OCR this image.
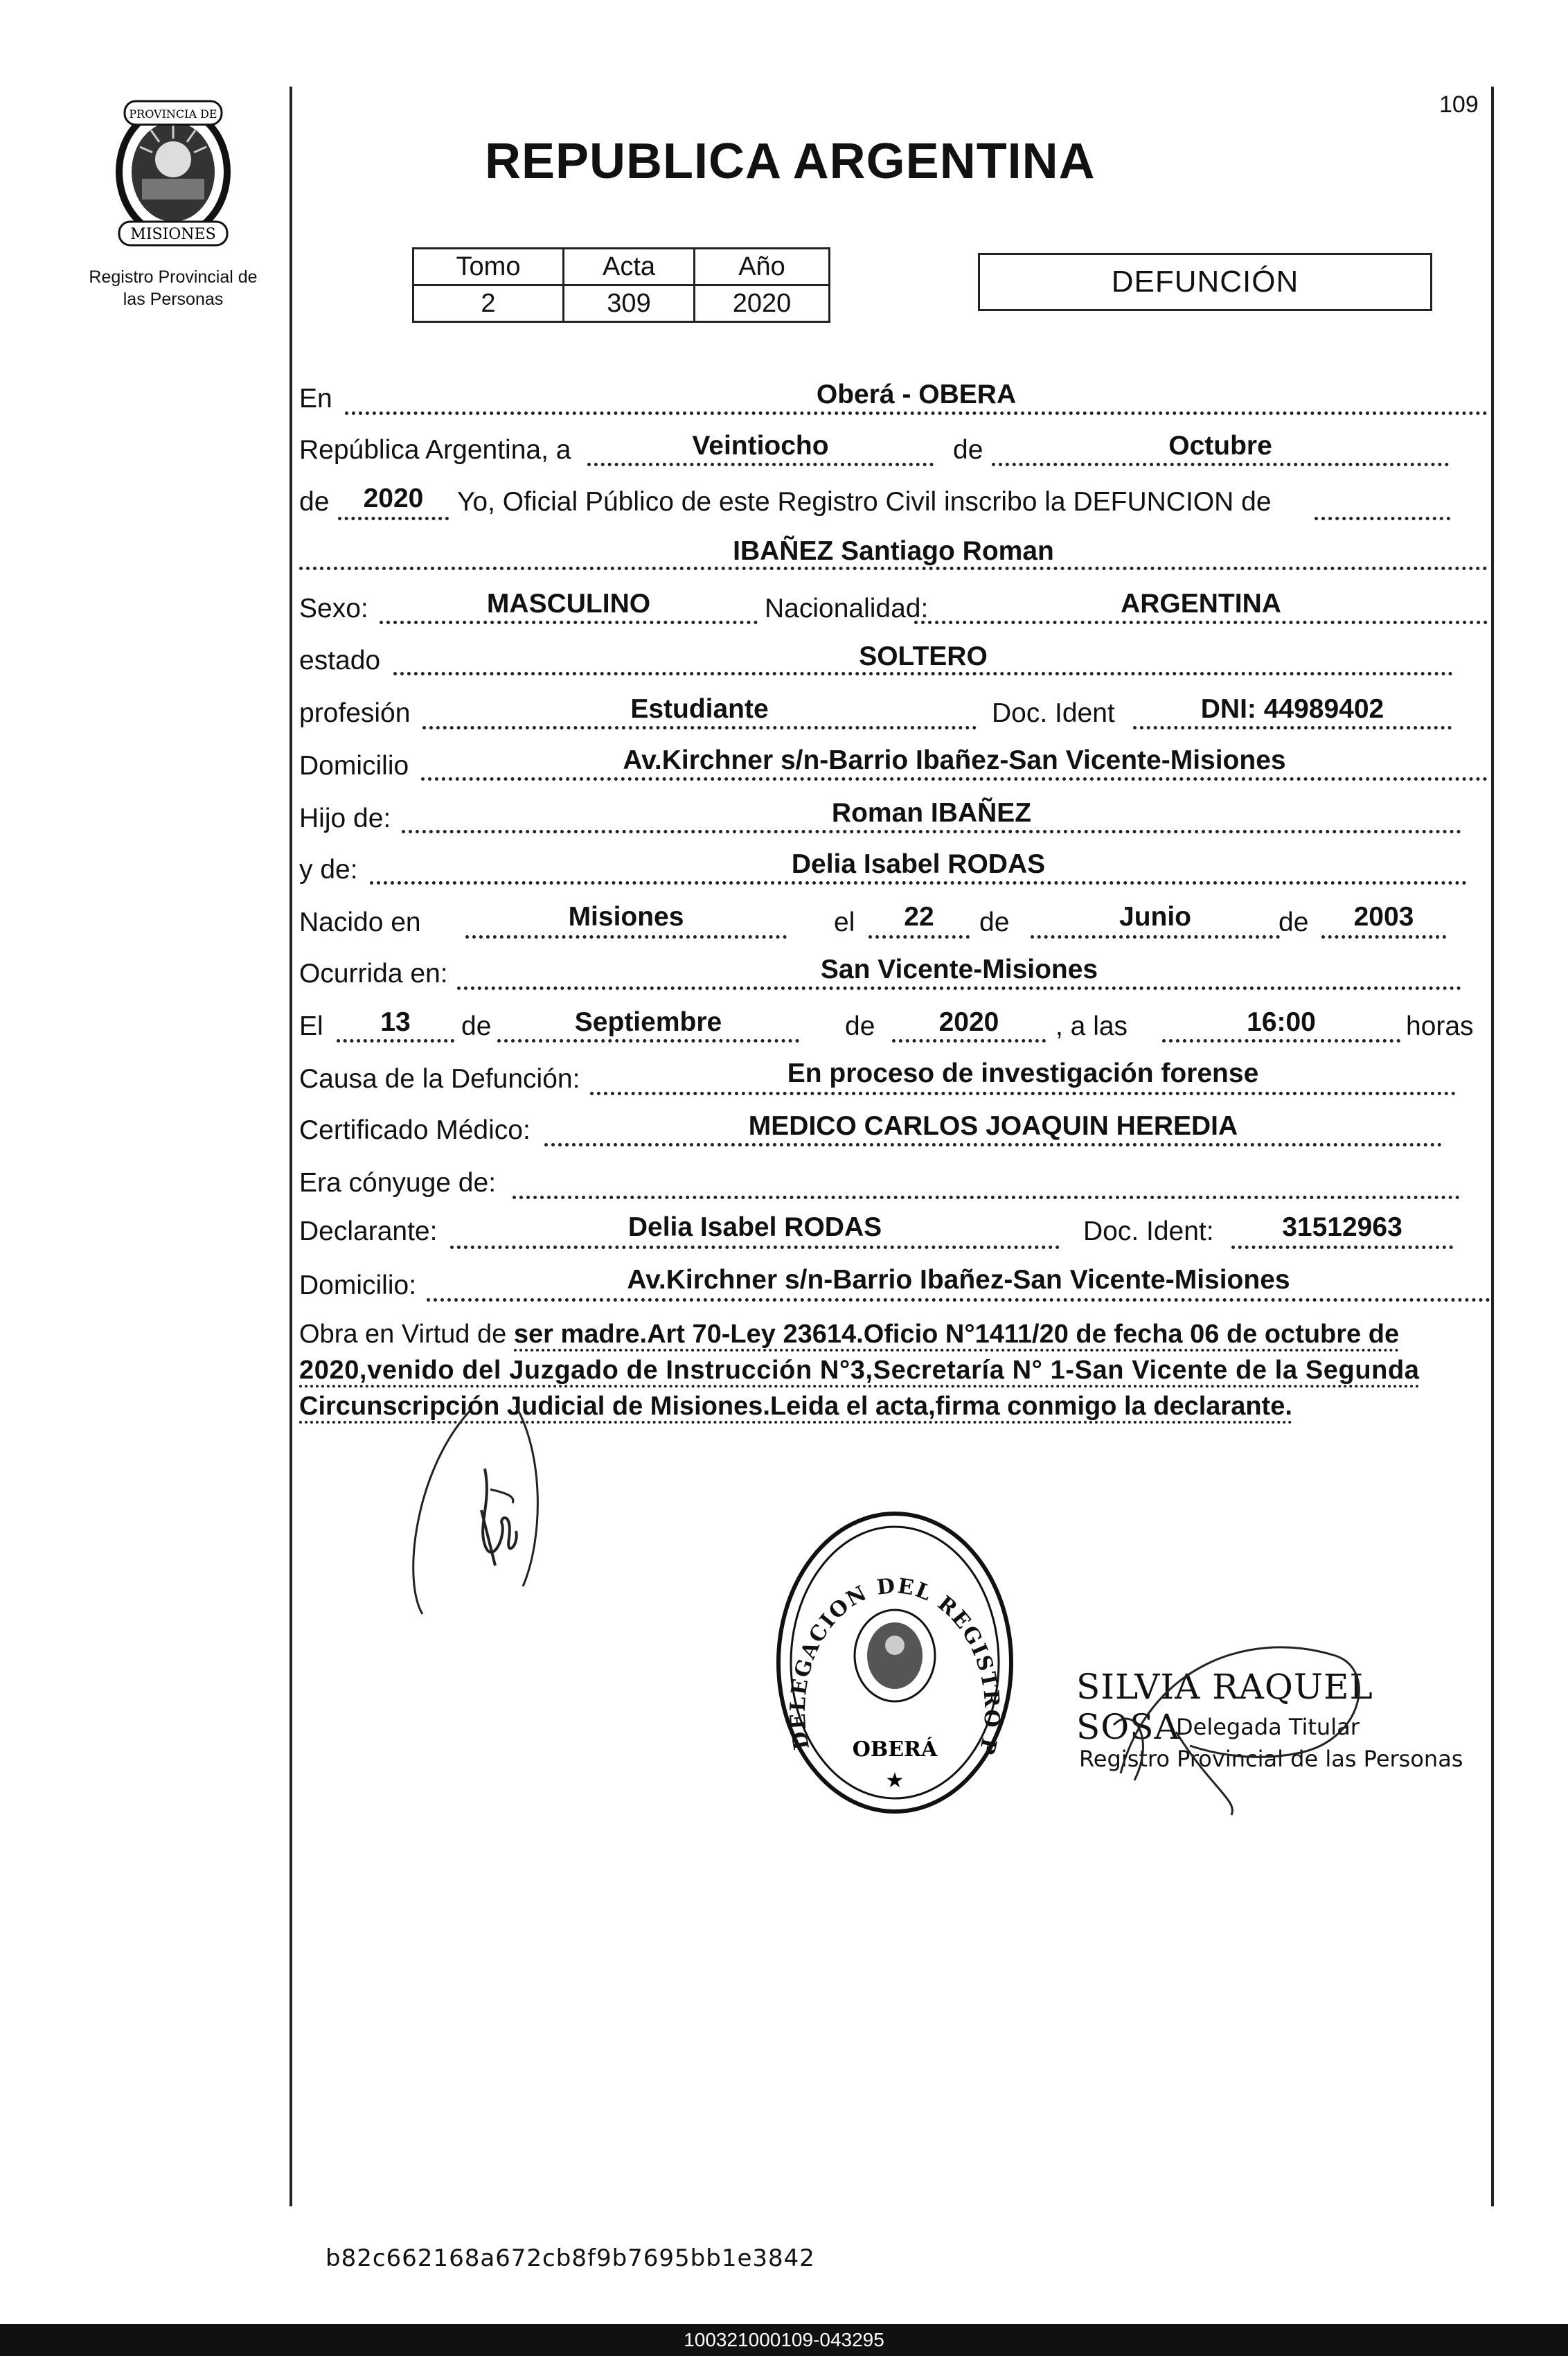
PROVINCIA DE
MISIONES
Registro Provincial de
las Personas
109
REPUBLICA ARGENTINA
Tomo	Acta	Año
2	309	2020
DEFUNCIÓN
En	Oberá - OBERA
República Argentina, a	Veintiocho	de	Octubre
de	2020	Yo, Oficial Público de este Registro Civil inscribo la DEFUNCION de
IBAÑEZ Santiago Roman
Sexo:	MASCULINO	Nacionalidad:	ARGENTINA
estado	SOLTERO
profesión	Estudiante	Doc. Ident	DNI: 44989402
Domicilio	Av.Kirchner s/n-Barrio Ibañez-San Vicente-Misiones
Hijo de:	Roman IBAÑEZ
y de:	Delia Isabel RODAS
Nacido en	Misiones	el	22	de	Junio	de	2003
Ocurrida en:	San Vicente-Misiones
El	13	de	Septiembre	de	2020	, a las	16:00	horas
Causa de la Defunción:	En proceso de investigación forense
Certificado Médico:	MEDICO CARLOS JOAQUIN HEREDIA
Era cónyuge de:
Declarante:	Delia Isabel RODAS	Doc. Ident:	31512963
Domicilio:	Av.Kirchner s/n-Barrio Ibañez-San Vicente-Misiones
Obra en Virtud de ser madre.Art 70-Ley 23614.Oficio N°1411/20 de fecha 06 de octubre de
2020,venido del Juzgado de Instrucción N°3,Secretaría N° 1-San Vicente de la Segunda
Circunscripción Judicial de Misiones.Leida el acta,firma conmigo la declarante.
DELEGACION DEL REGISTRO P
OBERÁ
★
SILVIA RAQUEL SOSA
Delegada Titular
Registro Provincial de las Personas
b82c662168a672cb8f9b7695bb1e3842
100321000109-043295
